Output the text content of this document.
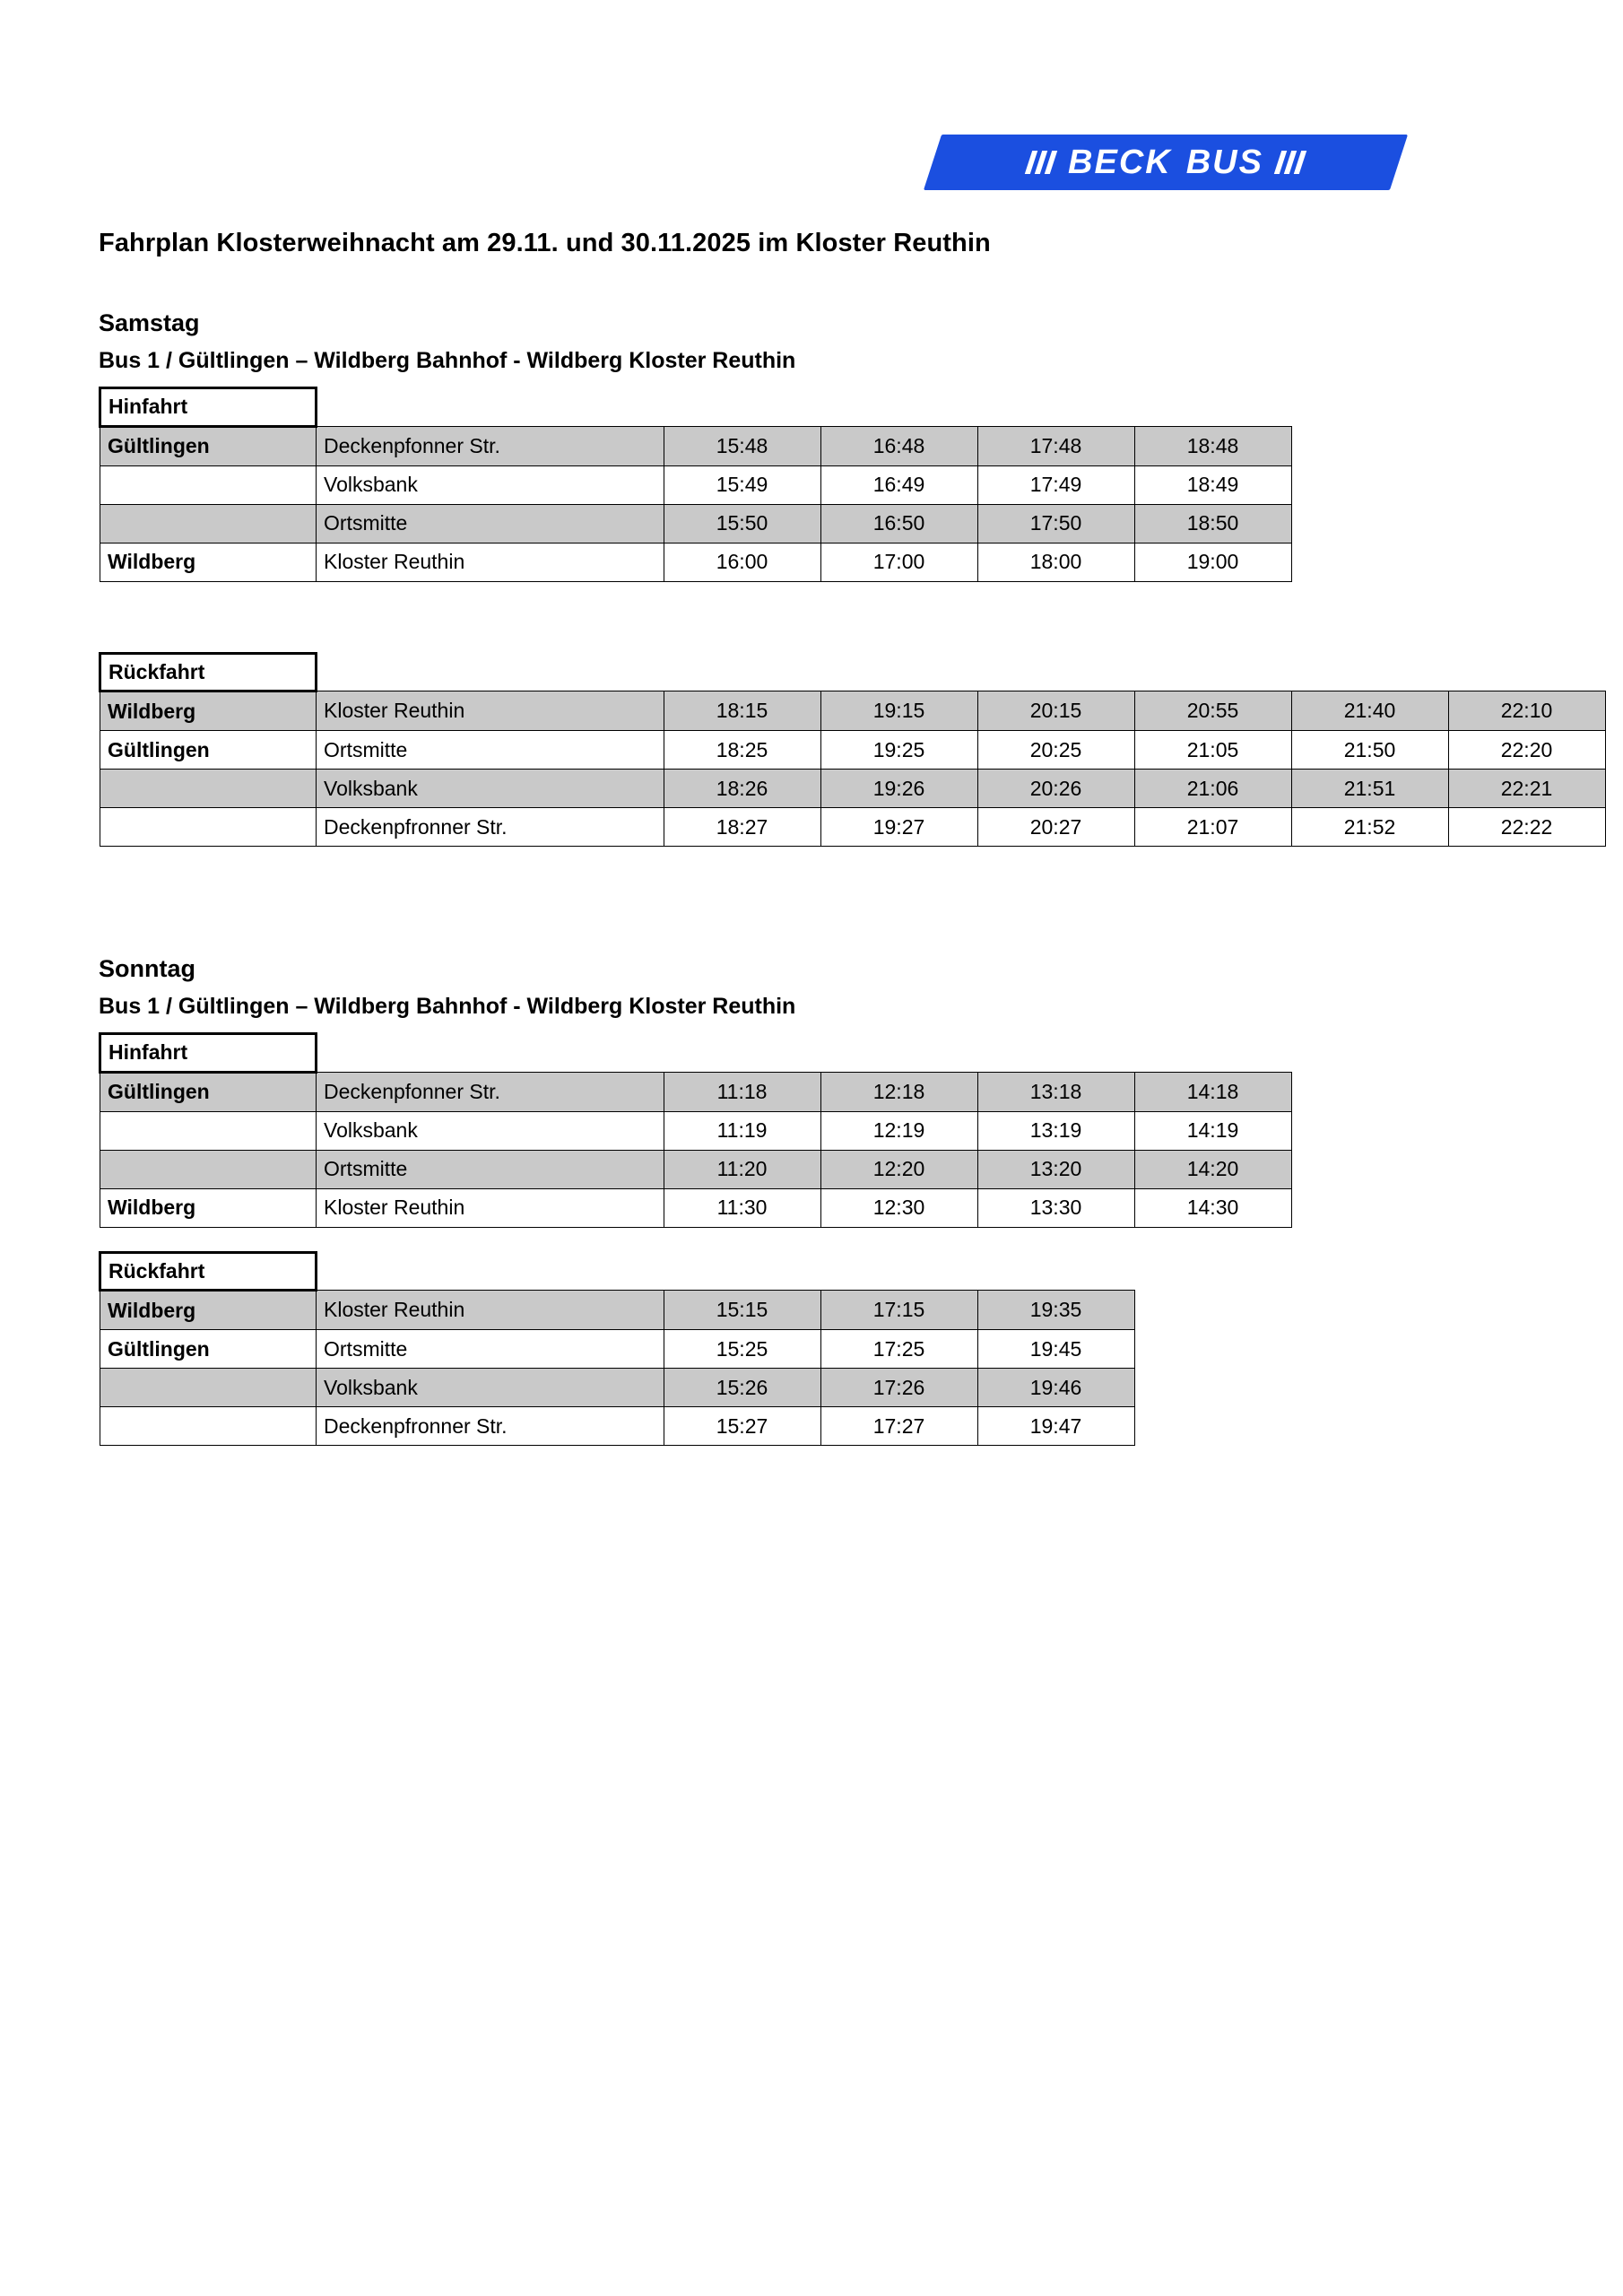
BECK BUS
Fahrplan Klosterweihnacht am 29.11. und 30.11.2025 im Kloster Reuthin
Samstag
Bus 1 / Gültlingen – Wildberg Bahnhof - Wildberg Kloster Reuthin
Hinfahrt					
Gültlingen	Deckenpfonner Str.	15:48	16:48	17:48	18:48
	Volksbank	15:49	16:49	17:49	18:49
	Ortsmitte	15:50	16:50	17:50	18:50
Wildberg	Kloster Reuthin	16:00	17:00	18:00	19:00
Rückfahrt							
Wildberg	Kloster Reuthin	18:15	19:15	20:15	20:55	21:40	22:10
Gültlingen	Ortsmitte	18:25	19:25	20:25	21:05	21:50	22:20
	Volksbank	18:26	19:26	20:26	21:06	21:51	22:21
	Deckenpfronner Str.	18:27	19:27	20:27	21:07	21:52	22:22
Sonntag
Bus 1 / Gültlingen – Wildberg Bahnhof - Wildberg Kloster Reuthin
Hinfahrt					
Gültlingen	Deckenpfonner Str.	11:18	12:18	13:18	14:18
	Volksbank	11:19	12:19	13:19	14:19
	Ortsmitte	11:20	12:20	13:20	14:20
Wildberg	Kloster Reuthin	11:30	12:30	13:30	14:30
Rückfahrt				
Wildberg	Kloster Reuthin	15:15	17:15	19:35
Gültlingen	Ortsmitte	15:25	17:25	19:45
	Volksbank	15:26	17:26	19:46
	Deckenpfronner Str.	15:27	17:27	19:47
